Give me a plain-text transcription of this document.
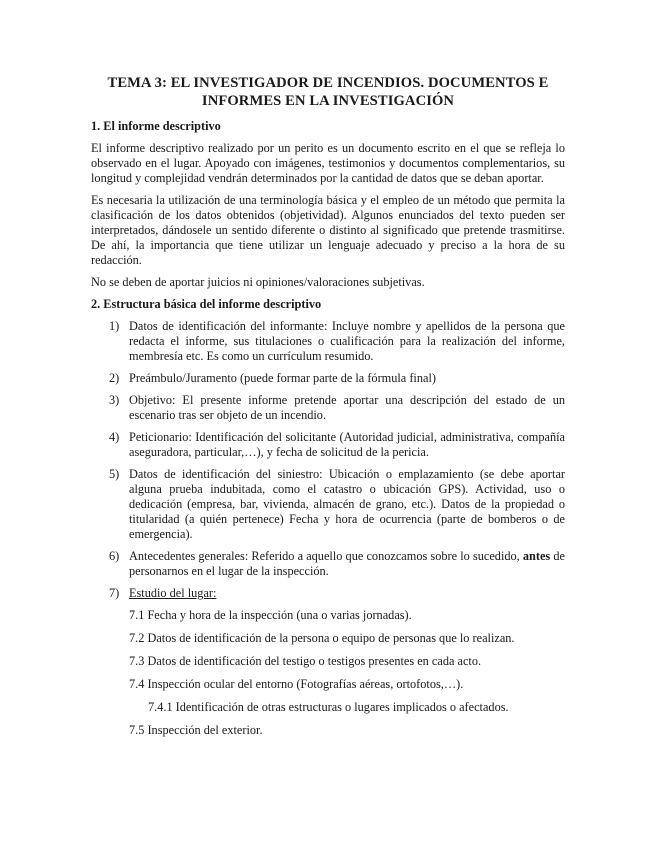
TEMA 3: EL INVESTIGADOR DE INCENDIOS. DOCUMENTOS E
INFORMES EN LA INVESTIGACIÓN
1. El informe descriptivo

El informe descriptivo realizado por un perito es un documento escrito en el que se refleja lo observado en el lugar. Apoyado con imágenes, testimonios y documentos complementarios, su longitud y complejidad vendrán determinados por la cantidad de datos que se deban aportar.

Es necesaria la utilización de una terminología básica y el empleo de un método que permita la clasificación de los datos obtenidos (objetividad). Algunos enunciados del texto pueden ser interpretados, dándosele un sentido diferente o distinto al significado que pretende trasmitirse. De ahí, la importancia que tiene utilizar un lenguaje adecuado y preciso a la hora de su redacción.

No se deben de aportar juicios ni opiniones/valoraciones subjetivas.

2. Estructura básica del informe descriptivo
1) Datos de identificación del informante: Incluye nombre y apellidos de la persona que redacta el informe, sus titulaciones o cualificación para la realización del informe, membresía etc. Es como un currículum resumido.
2) Preámbulo/Juramento (puede formar parte de la fórmula final)
3) Objetivo: El presente informe pretende aportar una descripción del estado de un escenario tras ser objeto de un incendio.
4) Peticionario: Identificación del solicitante (Autoridad judicial, administrativa, compañía aseguradora, particular,…), y fecha de solicitud de la pericia.
5) Datos de identificación del siniestro: Ubicación o emplazamiento (se debe aportar alguna prueba indubitada, como el catastro o ubicación GPS). Actividad, uso o dedicación (empresa, bar, vivienda, almacén de grano, etc.). Datos de la propiedad o titularidad (a quién pertenece) Fecha y hora de ocurrencia (parte de bomberos o de emergencia).
6) Antecedentes generales: Referido a aquello que conozcamos sobre lo sucedido, antes de personarnos en el lugar de la inspección.
7) Estudio del lugar:
7.1 Fecha y hora de la inspección (una o varias jornadas).
7.2 Datos de identificación de la persona o equipo de personas que lo realizan.
7.3 Datos de identificación del testigo o testigos presentes en cada acto.
7.4 Inspección ocular del entorno (Fotografías aéreas, ortofotos,…).
7.4.1 Identificación de otras estructuras o lugares implicados o afectados.
7.5 Inspección del exterior.
